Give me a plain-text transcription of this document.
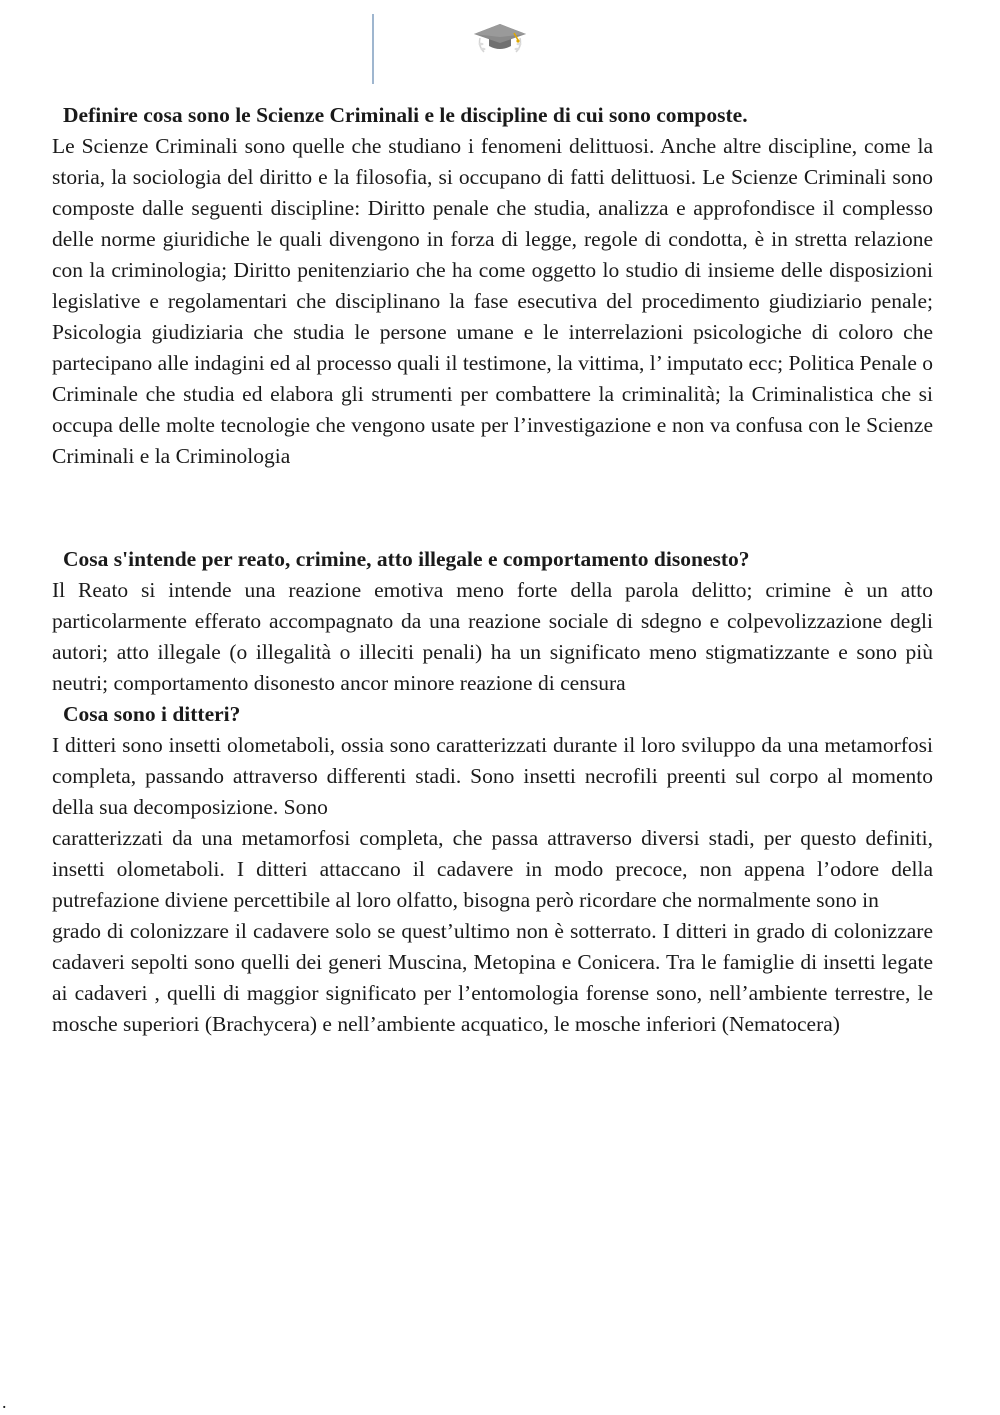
Definire cosa sono le Scienze Criminali e le discipline di cui sono composte.

Le Scienze Criminali sono quelle che studiano i fenomeni delittuosi. Anche altre discipline, come la storia, la sociologia del diritto e la filosofia, si occupano di fatti delittuosi. Le Scienze Criminali sono composte dalle seguenti discipline: Diritto penale che studia, analizza e approfondisce il complesso delle norme giuridiche le quali divengono in forza di legge, regole di condotta, è in stretta relazione con la criminologia; Diritto penitenziario che ha come oggetto lo studio di insieme delle disposizioni legislative e regolamentari che disciplinano la fase esecutiva del procedimento giudiziario penale; Psicologia giudiziaria che studia le persone umane e le interrelazioni psicologiche di coloro che partecipano alle indagini ed al processo quali il testimone, la vittima, l’ imputato ecc; Politica Penale o Criminale che studia ed elabora gli strumenti per combattere la criminalità; la Criminalistica che si occupa delle molte tecnologie che vengono usate per l’investigazione e non va confusa con le Scienze Criminali e la Criminologia

Cosa s'intende per reato, crimine, atto illegale e comportamento disonesto?

Il Reato si intende una reazione emotiva meno forte della parola delitto; crimine è un atto particolarmente efferato accompagnato da una reazione sociale di sdegno e colpevolizzazione degli autori; atto illegale (o illegalità o illeciti penali) ha un significato meno stigmatizzante e sono più neutri; comportamento disonesto ancor minore reazione di censura

Cosa sono i ditteri?

I ditteri sono insetti olometaboli, ossia sono caratterizzati durante il loro sviluppo da una metamorfosi completa, passando attraverso differenti stadi. Sono insetti necrofili preenti sul corpo al momento della sua decomposizione. Sono

caratterizzati da una metamorfosi completa, che passa attraverso diversi stadi, per questo definiti, insetti olometaboli. I ditteri attaccano il cadavere in modo precoce, non appena l’odore della putrefazione diviene percettibile al loro olfatto, bisogna però ricordare che normalmente sono in

grado di colonizzare il cadavere solo se quest’ultimo non è sotterrato. I ditteri in grado di colonizzare cadaveri sepolti sono quelli dei generi Muscina, Metopina e Conicera. Tra le famiglie di insetti legate ai cadaveri , quelli di maggior significato per l’entomologia forense sono, nell’ambiente terrestre, le mosche superiori (Brachycera) e nell’ambiente acquatico, le mosche inferiori (Nematocera)

.
